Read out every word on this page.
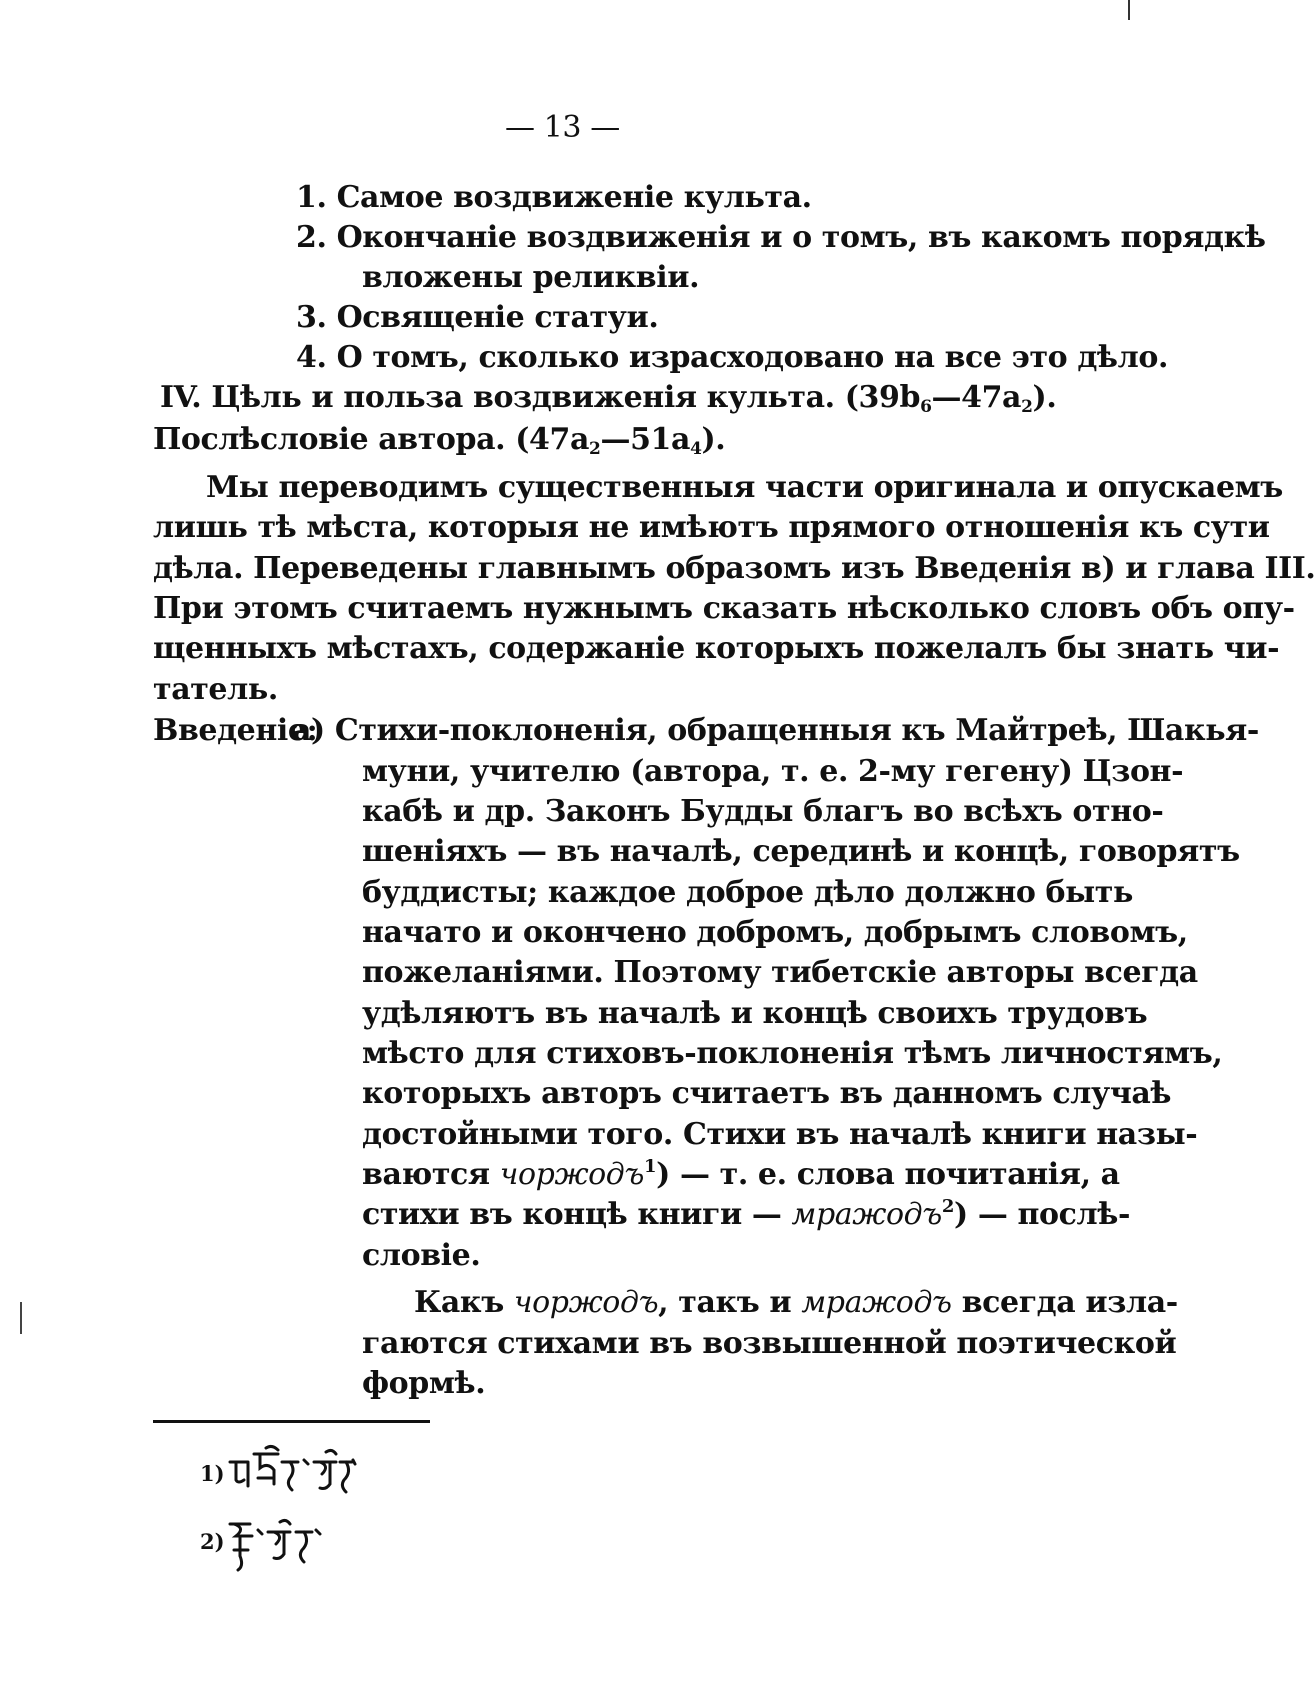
— 13 —

1. Самое воздвиженіе культа.

2. Окончаніе воздвиженія и о томъ, въ какомъ порядкѣ

вложены реликвіи.

3. Освященіе статуи.

4. О томъ, сколько израсходовано на все это дѣло.

IV. Цѣль и польза воздвиженія культа. $(39b_6—47a_2)$.

Послѣсловіе автора. $(47a_2—51a_4)$.

Мы переводимъ существенныя части оригинала и опускаемъ

лишь тѣ мѣста, которыя не имѣютъ прямого отношенія къ сути

дѣла. Переведены главнымъ образомъ изъ Введенія в) и глава III.

При этомъ считаемъ нужнымъ сказать нѣсколько словъ объ опу-

щенныхъ мѣстахъ, содержаніе которыхъ пожелалъ бы знать чи-

татель.

Введеніе:

а) Стихи-поклоненія, обращенныя къ Майтреѣ, Шакья-

муни, учителю (автора, т. е. 2-му гегену) Цзон-

кабѣ и др. Законъ Будды благъ во всѣхъ отно-

шеніяхъ — въ началѣ, серединѣ и концѣ, говорятъ

буддисты; каждое доброе дѣло должно быть

начато и окончено добромъ, добрымъ словомъ,

пожеланіями. Поэтому тибетскіе авторы всегда

удѣляютъ въ началѣ и концѣ своихъ трудовъ

мѣсто для стиховъ-поклоненія тѣмъ личностямъ,

которыхъ авторъ считаетъ въ данномъ случаѣ

достойными того. Стихи въ началѣ книги назы-

ваются чоржодъ$^1$) — т. е. слова почитанія, а

стихи въ концѣ книги — мражодъ$^2$) — послѣ-

словіе.

Какъ чоржодъ, такъ и мражодъ всегда изла-

гаются стихами въ возвышенной поэтической

формѣ.

1)
2)
